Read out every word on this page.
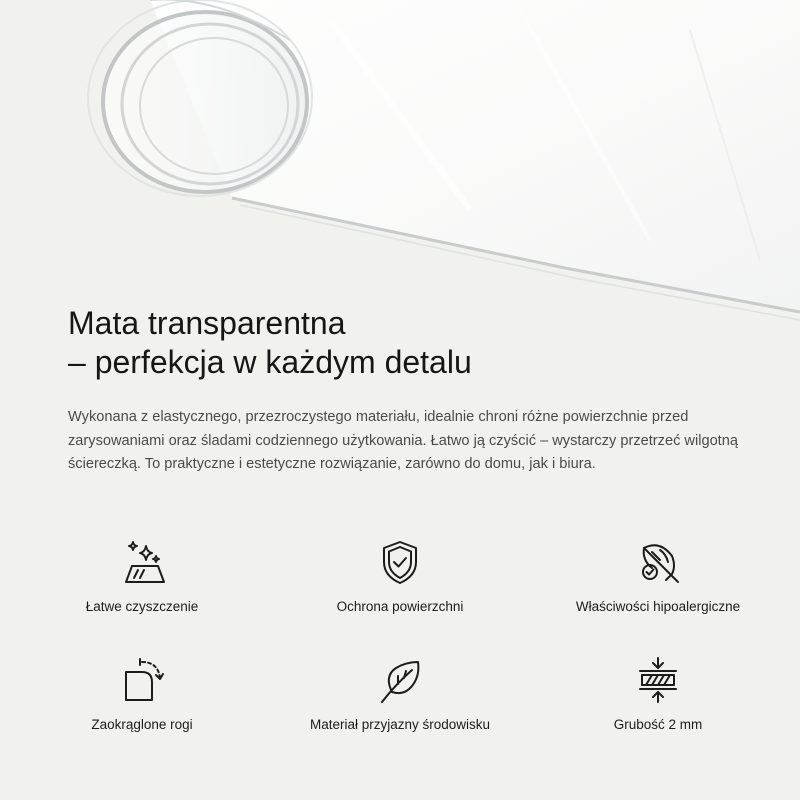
Mata transparentna
– perfekcja w każdym detalu

Wykonana z elastycznego, przezroczystego materiału, idealnie chroni różne powierzchnie przed zarysowaniami oraz śladami codziennego użytkowania. Łatwo ją czyścić – wystarczy przetrzeć wilgotną ściereczką. To praktyczne i estetyczne rozwiązanie, zarówno do domu, jak i biura.

Łatwe czyszczenie	Ochrona powierzchni	Właściwości hipoalergiczne
Zaokrąglone rogi	Materiał przyjazny środowisku	Grubość 2 mm
